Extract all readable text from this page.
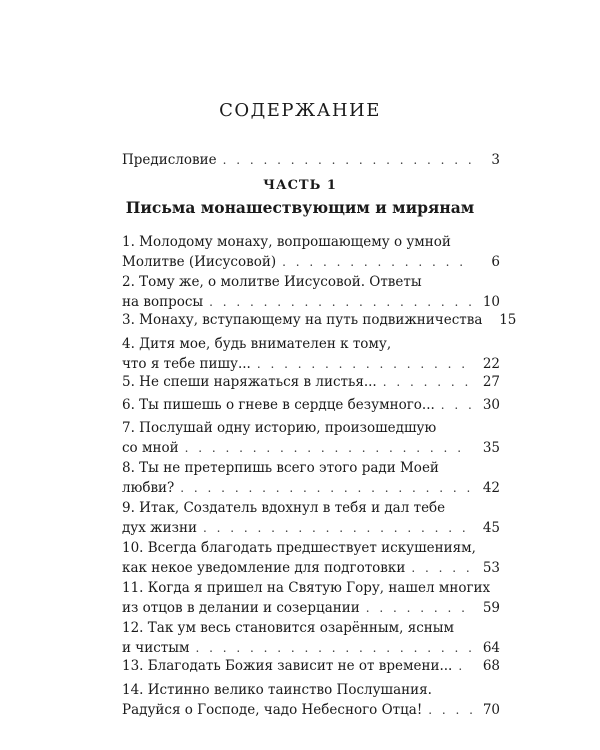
СОДЕРЖАНИЕ
Предисловие . . .	3
1. Молодому монаху, вопрошающему о умной
Молитве (Иисусовой) . . .	6
2. Тому же, о молитве Иисусовой. Ответы
на вопросы . . .	10
3. Монаху, вступающему на путь подвижничества	15
4. Дитя мое, будь внимателен к тому,
что я тебе пишу... . . .	22
5. Не спеши наряжаться в листья... . . .	27
6. Ты пишешь о гневе в сердце безумного... . . .	30
7. Послушай одну историю, произошедшую
со мной . . .	35
8. Ты не претерпишь всего этого ради Моей
любви? . . .	42
9. Итак, Создатель вдохнул в тебя и дал тебе
дух жизни . . .	45
10. Всегда благодать предшествует искушениям,
как некое уведомление для подготовки . . .	53
11. Когда я пришел на Святую Гору, нашел многих
из отцов в делании и созерцании . . .	59
12. Так ум весь становится озарённым, ясным
и чистым . . .	64
13. Благодать Божия зависит не от времени... . . .	68
14. Истинно велико таинство Послушания.
Радуйся о Господе, чадо Небесного Отца! . . .	70
ЧАСТЬ 1
Письма монашествующим и мирянам
